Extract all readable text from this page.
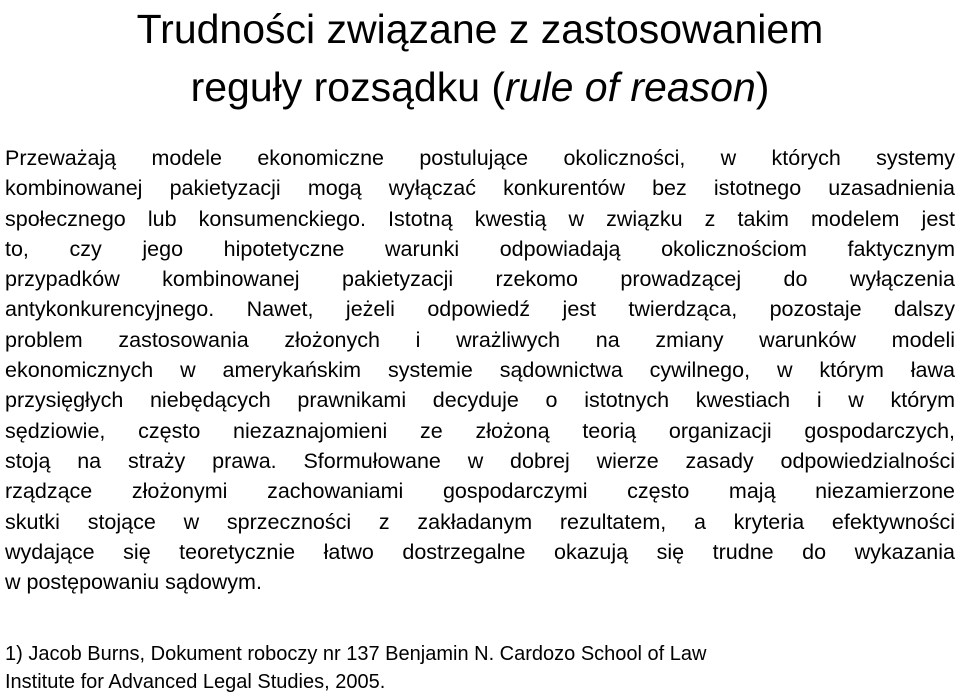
Trudności związane z zastosowaniem
reguły rozsądku (rule of reason)
Przeważają modele ekonomiczne postulujące okoliczności, w których systemy
kombinowanej pakietyzacji mogą wyłączać konkurentów bez istotnego uzasadnienia
społecznego lub konsumenckiego. Istotną kwestią w związku z takim modelem jest
to, czy jego hipotetyczne warunki odpowiadają okolicznościom faktycznym
przypadków kombinowanej pakietyzacji rzekomo prowadzącej do wyłączenia
antykonkurencyjnego. Nawet, jeżeli odpowiedź jest twierdząca, pozostaje dalszy
problem zastosowania złożonych i wrażliwych na zmiany warunków modeli
ekonomicznych w amerykańskim systemie sądownictwa cywilnego, w którym ława
przysięgłych niebędących prawnikami decyduje o istotnych kwestiach i w którym
sędziowie, często niezaznajomieni ze złożoną teorią organizacji gospodarczych,
stoją na straży prawa. Sformułowane w dobrej wierze zasady odpowiedzialności
rządzące złożonymi zachowaniami gospodarczymi często mają niezamierzone
skutki stojące w sprzeczności z zakładanym rezultatem, a kryteria efektywności
wydające się teoretycznie łatwo dostrzegalne okazują się trudne do wykazania
w postępowaniu sądowym.
1) Jacob Burns, Dokument roboczy nr 137 Benjamin N. Cardozo School of Law
Institute for Advanced Legal Studies, 2005.
